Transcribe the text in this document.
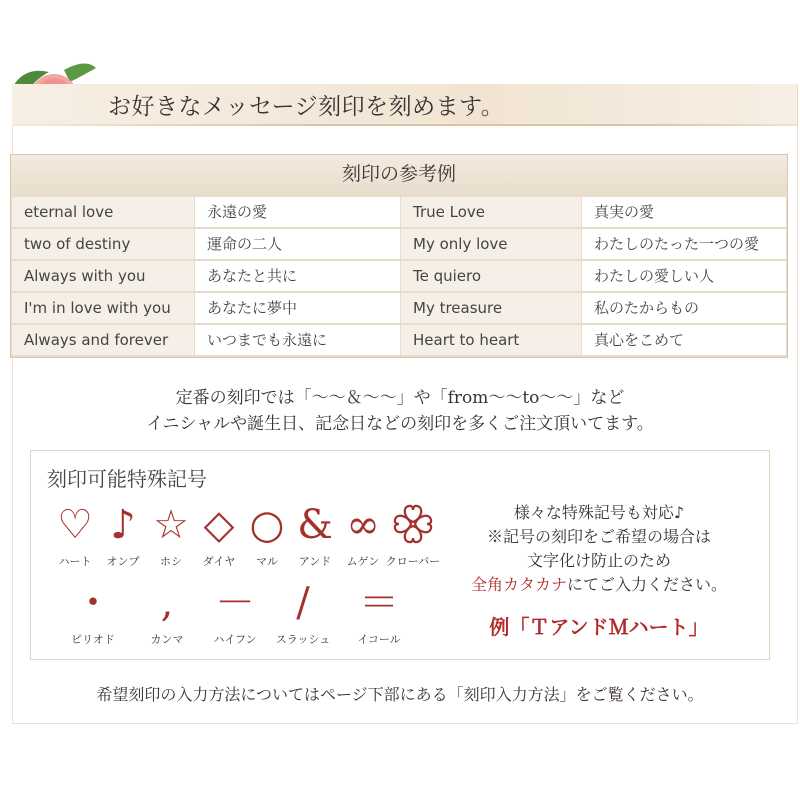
お好きなメッセージ刻印を刻めます。
刻印の参考例
eternal love	永遠の愛	True Love	真実の愛
two of destiny	運命の二人	My only love	わたしのたった一つの愛
Always with you	あなたと共に	Te quiero	わたしの愛しい人
I'm in love with you	あなたに夢中	My treasure	私のたからもの
Always and forever	いつまでも永遠に	Heart to heart	真心をこめて
定番の刻印では「～～＆～～」や「from～～to～～」など
イニシャルや誕生日、記念日などの刻印を多くご注文頂いてます。
刻印可能特殊記号
♡
ハート
♪
オンプ
☆
ホシ
◇
ダイヤ
○
マル
&
アンド
∞
ムゲン クローバー
・
ピリオド
,
カンマ
－
ハイフン
/
スラッシュ
＝
イコール
様々な特殊記号も対応♪
※記号の刻印をご希望の場合は
文字化け防止のため
全角カタカナにてご入力ください。
例「ＴアンドＭハート」
希望刻印の入力方法についてはページ下部にある「刻印入力方法」をご覧ください。
